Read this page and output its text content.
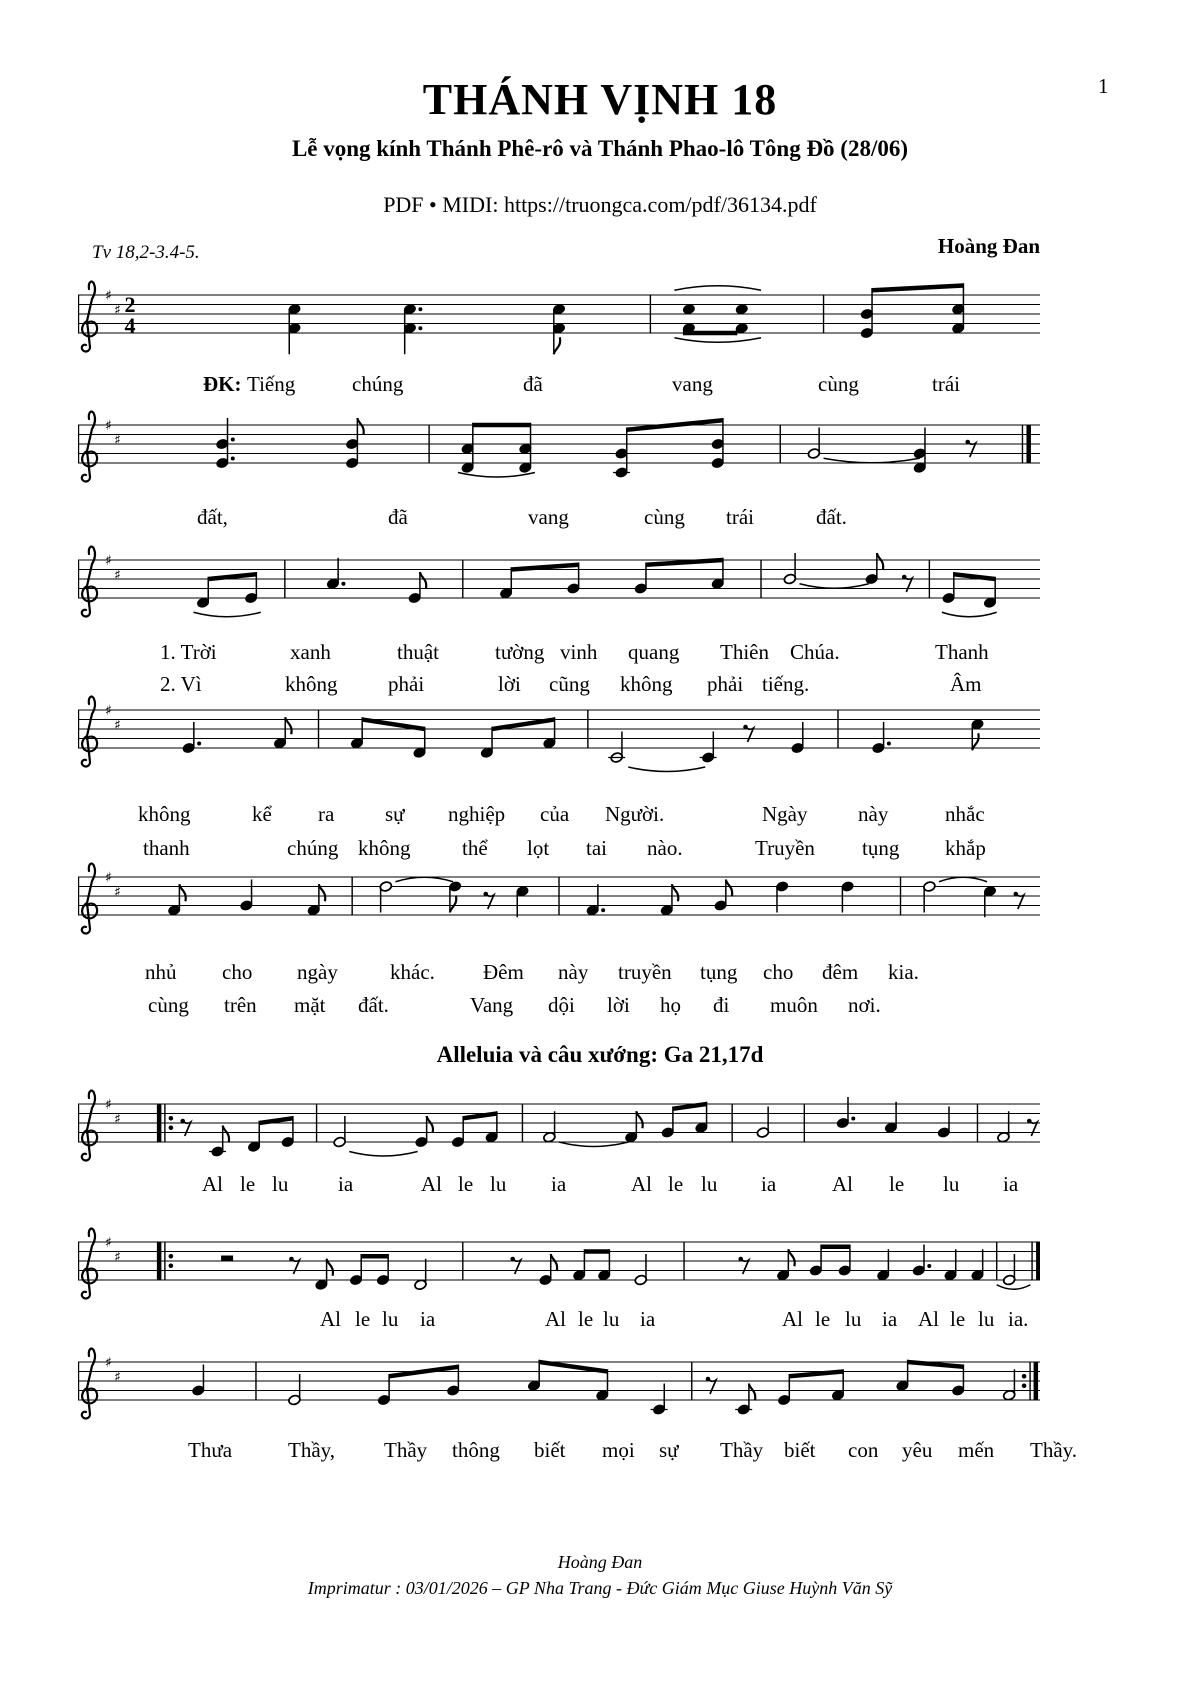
1
THÁNH VỊNH 18
Lễ vọng kính Thánh Phê-rô và Thánh Phao-lô Tông Đồ (28/06)
PDF • MIDI: https://truongca.com/pdf/36134.pdf
Tv 18,2-3.4-5.	Hoàng Đan
Alleluia và câu xướng: Ga 21,17d
♯
♯ 2
4
♯
♯
♯
♯
♯
♯
♯
♯
♯
♯
♯
♯
♯
♯
ĐK: Tiếng	chúng	đã	vang	cùng	trái
đất,	đã	vang	cùng trái	đất.
1. Trời	xanh	thuật	tường vinh quang Thiên Chúa.	Thanh
2. Vì	không phải	lời cũng không phải tiếng.	Âm
không	kể ra sự nghiệp của Người.	Ngày này	nhắc
thanh	chúng không thể lọt tai nào.	Truyền tụng khắp
nhủ cho ngày khác. Đêm này truyền tụng cho đêm kia.
cùng trên mặt đất.	Vang dội lời họ đi muôn nơi.
Al le lu ia	Al le lu ia	Al le lu ia	Al le lu ia
Al le lu ia	Al le lu ia	Al le lu ia Al le lu ia.
Thưa	Thầy, Thầy thông biết mọi sự Thầy biết con yêu mến Thầy.
Hoàng Đan
Imprimatur : 03/01/2026 – GP Nha Trang - Đức Giám Mục Giuse Huỳnh Văn Sỹ
